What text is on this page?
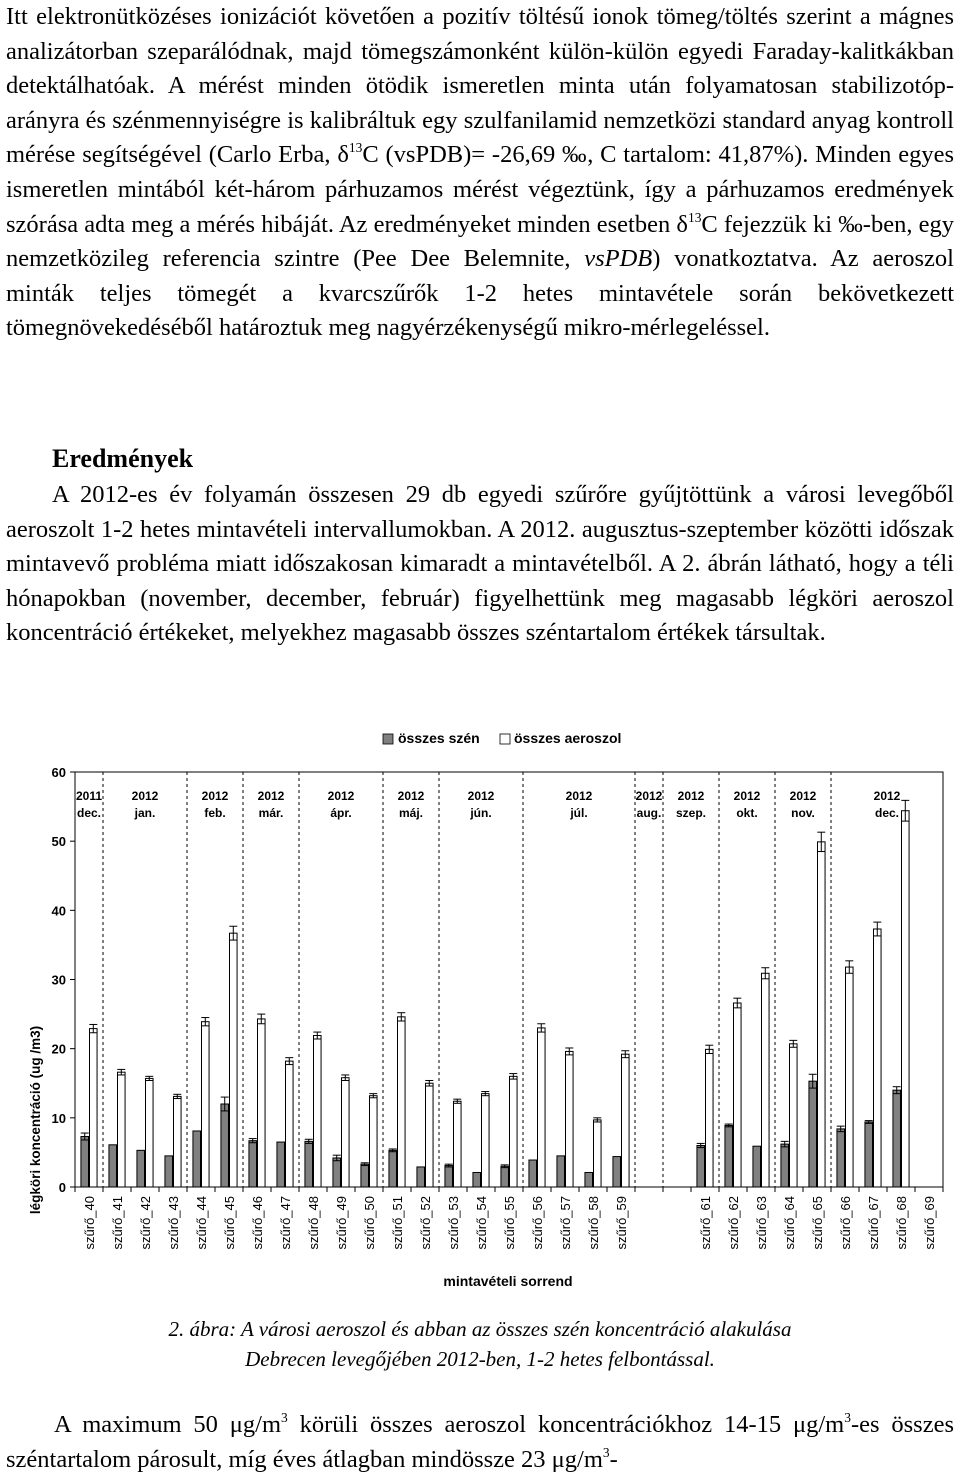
Itt elektronütközéses ionizációt követően a pozitív töltésű ionok tömeg/töltés szerint a mágnes analizátorban szeparálódnak, majd tömegszámonként külön-külön egyedi Faraday-kalitkákban detektálhatóak. A mérést minden ötödik ismeretlen minta után folyamatosan stabilizotóp-arányra és szénmennyiségre is kalibráltuk egy szulfanilamid nemzetközi standard anyag kontroll mérése segítségével (Carlo Erba, $\delta^{13}C$ (vsPDB)= -26,69 ‰, C tartalom: 41,87%). Minden egyes ismeretlen mintából két-három párhuzamos mérést végeztünk, így a párhuzamos eredmények szórása adta meg a mérés hibáját. Az eredményeket minden esetben $\delta^{13}C$ fejezzük ki ‰-ben, egy nemzetközileg referencia szintre (Pee Dee Belemnite, vsPDB) vonatkoztatva. Az aeroszol minták teljes tömegét a kvarcszűrők 1-2 hetes mintavétele során bekövetkezett tömegnövekedéséből határoztuk meg nagyérzékenységű mikro-mérlegeléssel.

Eredmények

A 2012-es év folyamán összesen 29 db egyedi szűrőre gyűjtöttünk a városi levegőből aeroszolt 1-2 hetes mintavételi intervallumokban. A 2012. augusztus-szeptember közötti időszak mintavevő probléma miatt időszakosan kimaradt a mintavételből. A 2. ábrán látható, hogy a téli hónapokban (november, december, február) figyelhettünk meg magasabb légköri aeroszol koncentráció értékeket, melyekhez magasabb összes széntartalom értékek társultak.

összes szén összes aeroszol
légköri koncentráció (ug /m3)
mintavételi sorrend
0
10
20
30
40
50
60
2011
dec.
2012
jan.
2012
feb.
2012
már.
2012
ápr.
2012
máj.
2012
jún.
2012
júl.
2012
aug.
2012
szep.
2012
okt.
2012
nov.
2012
dec.
szűrő_40 szűrő_41 szűrő_42 szűrő_43 szűrő_44 szűrő_45 szűrő_46 szűrő_47 szűrő_48 szűrő_49 szűrő_50 szűrő_51 szűrő_52 szűrő_53 szűrő_54 szűrő_55 szűrő_56 szűrő_57 szűrő_58 szűrő_59	szűrő_61 szűrő_62 szűrő_63 szűrő_64 szűrő_65 szűrő_66 szűrő_67 szűrő_68 szűrő_69

2. ábra: A városi aeroszol és abban az összes szén koncentráció alakulása

Debrecen levegőjében 2012-ben, 1-2 hetes felbontással.

A maximum 50 $\mu g/m^3$ körüli összes aeroszol koncentrációkhoz 14-15 $\mu g/m^3-es$ összes széntartalom párosult, míg éves átlagban mindössze 23 $\mu g/m^3-$
